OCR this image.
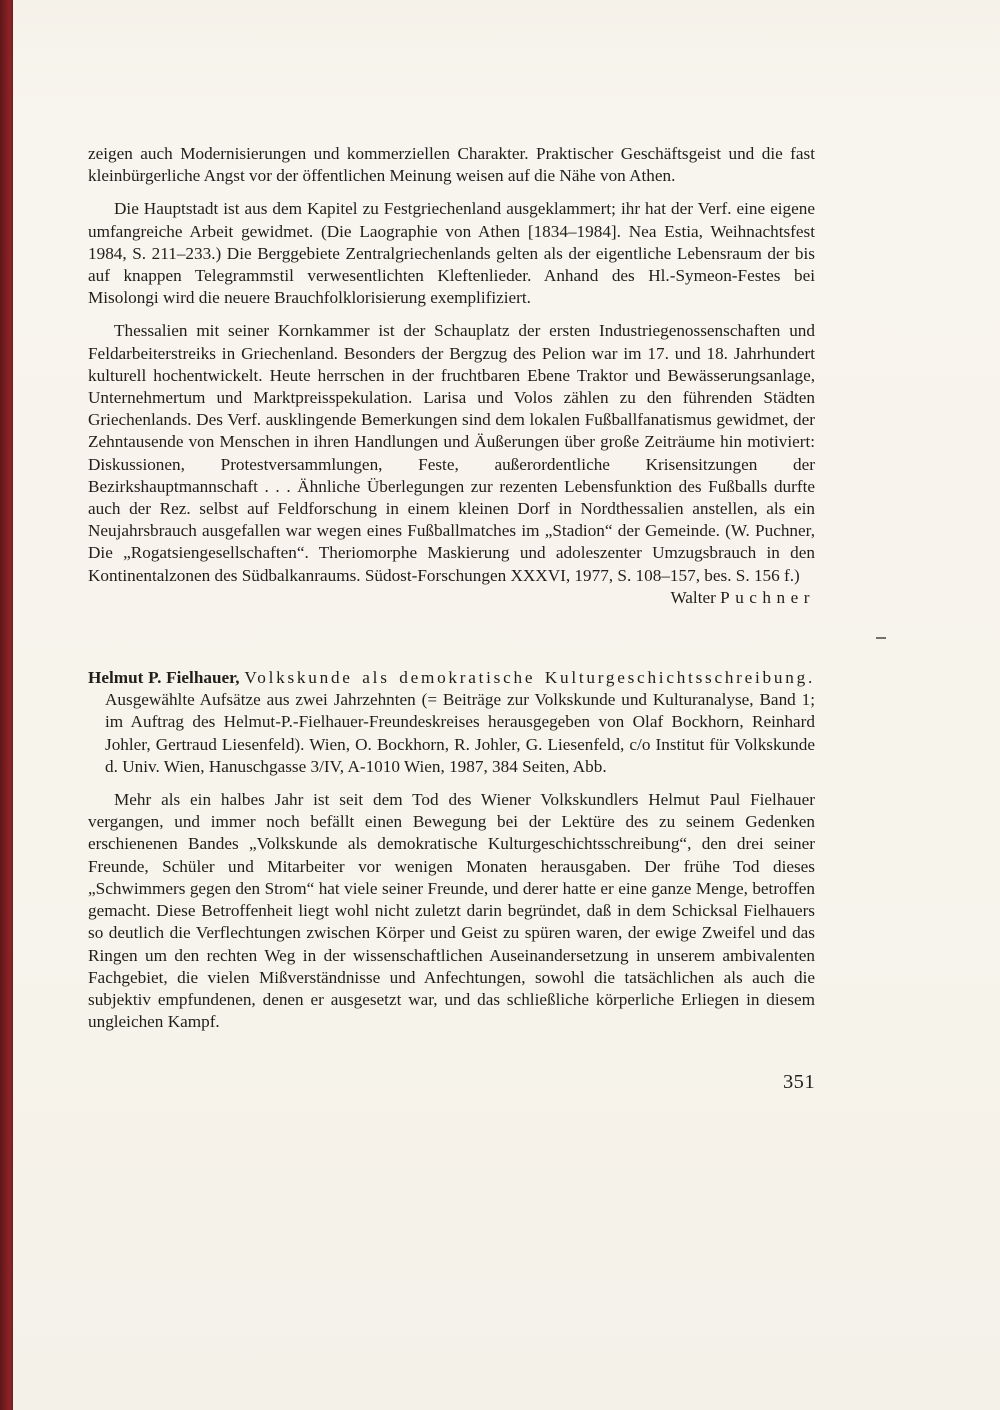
zeigen auch Modernisierungen und kommerziellen Charakter. Praktischer Geschäftsgeist und die fast kleinbürgerliche Angst vor der öffentlichen Meinung weisen auf die Nähe von Athen.

Die Hauptstadt ist aus dem Kapitel zu Festgriechenland ausgeklammert; ihr hat der Verf. eine eigene umfangreiche Arbeit gewidmet. (Die Laographie von Athen [1834–1984]. Nea Estia, Weihnachtsfest 1984, S. 211–233.) Die Berggebiete Zentralgriechenlands gelten als der eigentliche Lebensraum der bis auf knappen Telegrammstil verwesentlichten Kleftenlieder. Anhand des Hl.-Symeon-Festes bei Misolongi wird die neuere Brauchfolklorisierung exemplifiziert.

Thessalien mit seiner Kornkammer ist der Schauplatz der ersten Industriegenossenschaften und Feldarbeiterstreiks in Griechenland. Besonders der Bergzug des Pelion war im 17. und 18. Jahrhundert kulturell hochentwickelt. Heute herrschen in der fruchtbaren Ebene Traktor und Bewässerungsanlage, Unternehmertum und Marktpreisspekulation. Larisa und Volos zählen zu den führenden Städten Griechenlands. Des Verf. ausklingende Bemerkungen sind dem lokalen Fußballfanatismus gewidmet, der Zehntausende von Menschen in ihren Handlungen und Äußerungen über große Zeiträume hin motiviert: Diskussionen, Protestversammlungen, Feste, außerordentliche Krisensitzungen der Bezirkshauptmannschaft . . . Ähnliche Überlegungen zur rezenten Lebensfunktion des Fußballs durfte auch der Rez. selbst auf Feldforschung in einem kleinen Dorf in Nordthessalien anstellen, als ein Neujahrsbrauch ausgefallen war wegen eines Fußballmatches im „Stadion“ der Gemeinde. (W. Puchner, Die „Rogatsiengesellschaften“. Theriomorphe Maskierung und adoleszenter Umzugsbrauch in den Kontinentalzonen des Südbalkanraums. Südost-Forschungen XXXVI, 1977, S. 108–157, bes. S. 156 f.)

Walter Puchner

Helmut P. Fielhauer, Volkskunde als demokratische Kulturgeschichtsschreibung. Ausgewählte Aufsätze aus zwei Jahrzehnten (= Beiträge zur Volkskunde und Kulturanalyse, Band 1; im Auftrag des Helmut-P.-Fielhauer-Freundeskreises herausgegeben von Olaf Bockhorn, Reinhard Johler, Gertraud Liesenfeld). Wien, O. Bockhorn, R. Johler, G. Liesenfeld, c/o Institut für Volkskunde d. Univ. Wien, Hanuschgasse 3/IV, A-1010 Wien, 1987, 384 Seiten, Abb.

Mehr als ein halbes Jahr ist seit dem Tod des Wiener Volkskundlers Helmut Paul Fielhauer vergangen, und immer noch befällt einen Bewegung bei der Lektüre des zu seinem Gedenken erschienenen Bandes „Volkskunde als demokratische Kulturgeschichtsschreibung“, den drei seiner Freunde, Schüler und Mitarbeiter vor wenigen Monaten herausgaben. Der frühe Tod dieses „Schwimmers gegen den Strom“ hat viele seiner Freunde, und derer hatte er eine ganze Menge, betroffen gemacht. Diese Betroffenheit liegt wohl nicht zuletzt darin begründet, daß in dem Schicksal Fielhauers so deutlich die Verflechtungen zwischen Körper und Geist zu spüren waren, der ewige Zweifel und das Ringen um den rechten Weg in der wissenschaftlichen Auseinandersetzung in unserem ambivalenten Fachgebiet, die vielen Mißverständnisse und Anfechtungen, sowohl die tatsächlichen als auch die subjektiv empfundenen, denen er ausgesetzt war, und das schließliche körperliche Erliegen in diesem ungleichen Kampf.

351
